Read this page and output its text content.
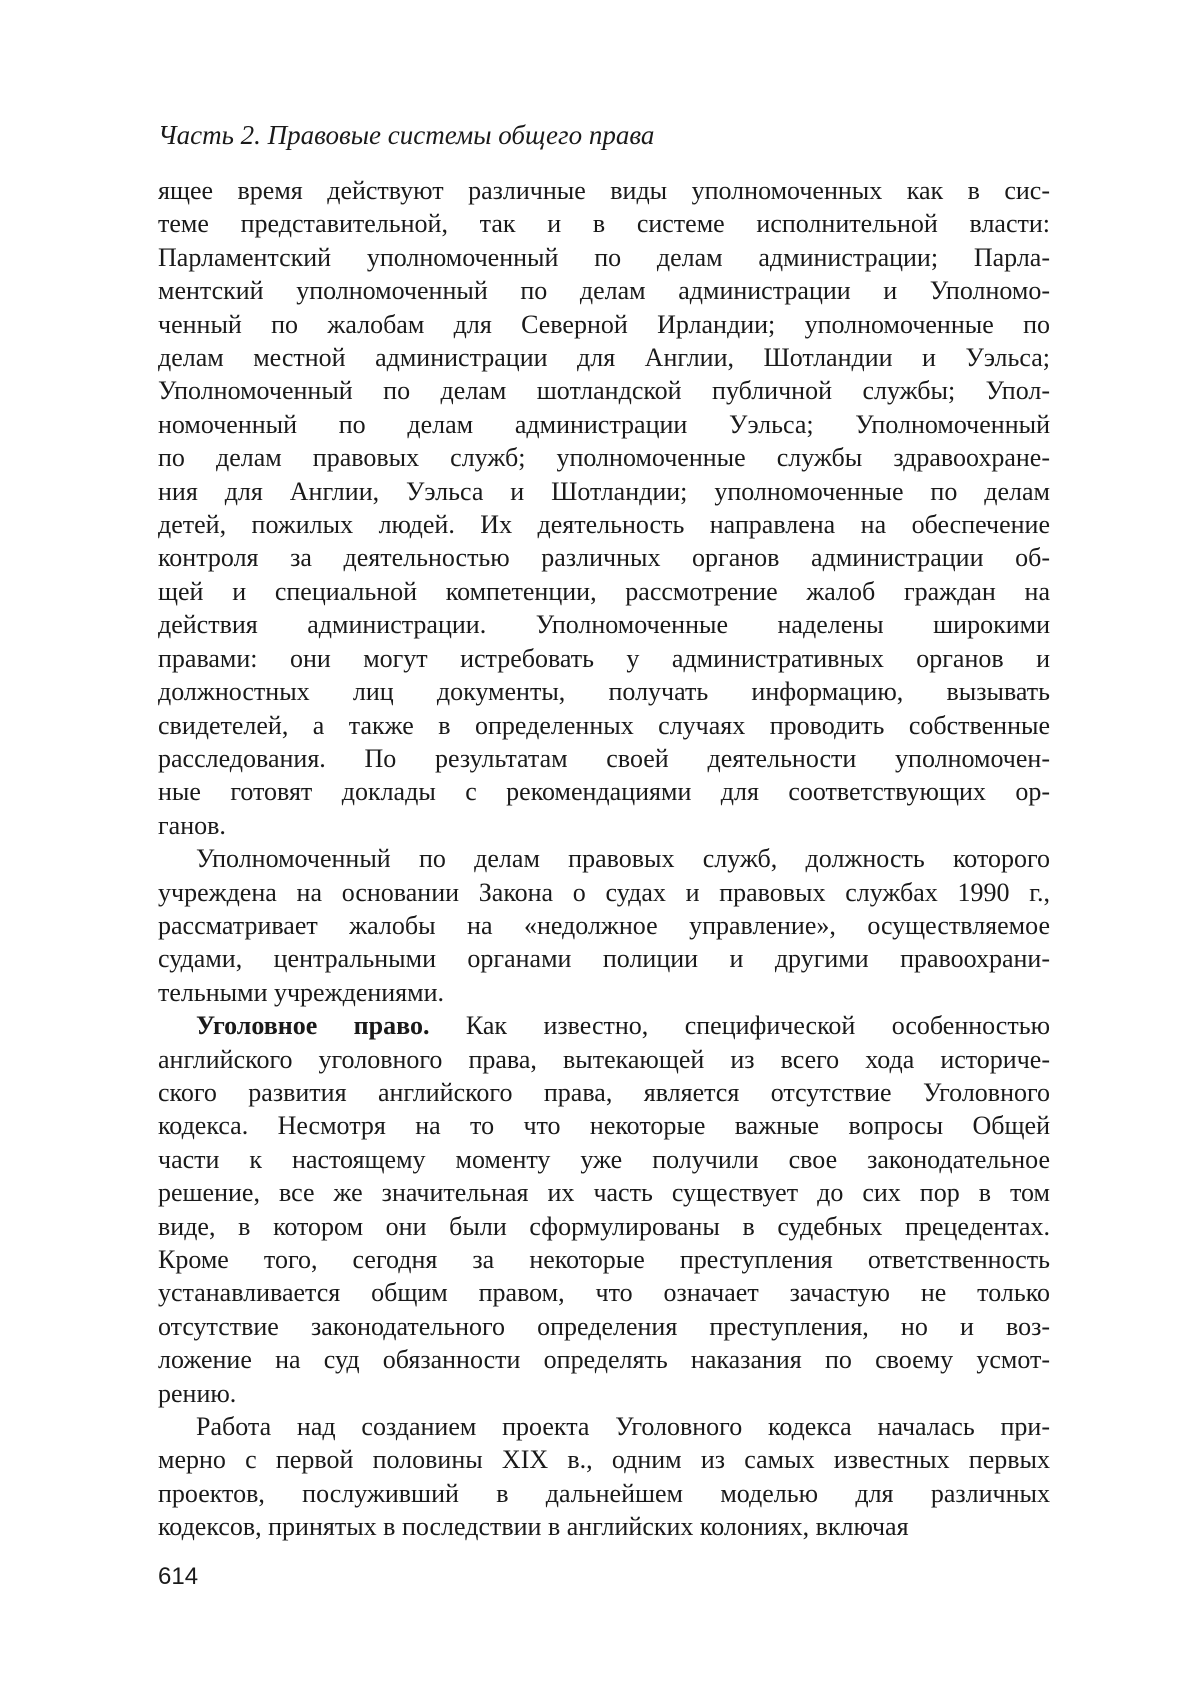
Часть 2. Правовые системы общего права
ящее время действуют различные виды уполномоченных как в сис-
теме представительной, так и в системе исполнительной власти:
Парламентский уполномоченный по делам администрации; Парла-
ментский уполномоченный по делам администрации и Уполномо-
ченный по жалобам для Северной Ирландии; уполномоченные по
делам местной администрации для Англии, Шотландии и Уэльса;
Уполномоченный по делам шотландской публичной службы; Упол-
номоченный по делам администрации Уэльса; Уполномоченный
по делам правовых служб; уполномоченные службы здравоохране-
ния для Англии, Уэльса и Шотландии; уполномоченные по делам
детей, пожилых людей. Их деятельность направлена на обеспечение
контроля за деятельностью различных органов администрации об-
щей и специальной компетенции, рассмотрение жалоб граждан на
действия администрации. Уполномоченные наделены широкими
правами: они могут истребовать у административных органов и
должностных лиц документы, получать информацию, вызывать
свидетелей, а также в определенных случаях проводить собственные
расследования. По результатам своей деятельности уполномочен-
ные готовят доклады с рекомендациями для соответствующих ор-
ганов.
Уполномоченный по делам правовых служб, должность которого
учреждена на основании Закона о судах и правовых службах 1990 г.,
рассматривает жалобы на «недолжное управление», осуществляемое
судами, центральными органами полиции и другими правоохрани-
тельными учреждениями.
Уголовное право. Как известно, специфической особенностью
английского уголовного права, вытекающей из всего хода историче-
ского развития английского права, является отсутствие Уголовного
кодекса. Несмотря на то что некоторые важные вопросы Общей
части к настоящему моменту уже получили свое законодательное
решение, все же значительная их часть существует до сих пор в том
виде, в котором они были сформулированы в судебных прецедентах.
Кроме того, сегодня за некоторые преступления ответственность
устанавливается общим правом, что означает зачастую не только
отсутствие законодательного определения преступления, но и воз-
ложение на суд обязанности определять наказания по своему усмот-
рению.
Работа над созданием проекта Уголовного кодекса началась при-
мерно с первой половины XIX в., одним из самых известных первых
проектов, послуживший в дальнейшем моделью для различных
кодексов, принятых в последствии в английских колониях, включая
614
